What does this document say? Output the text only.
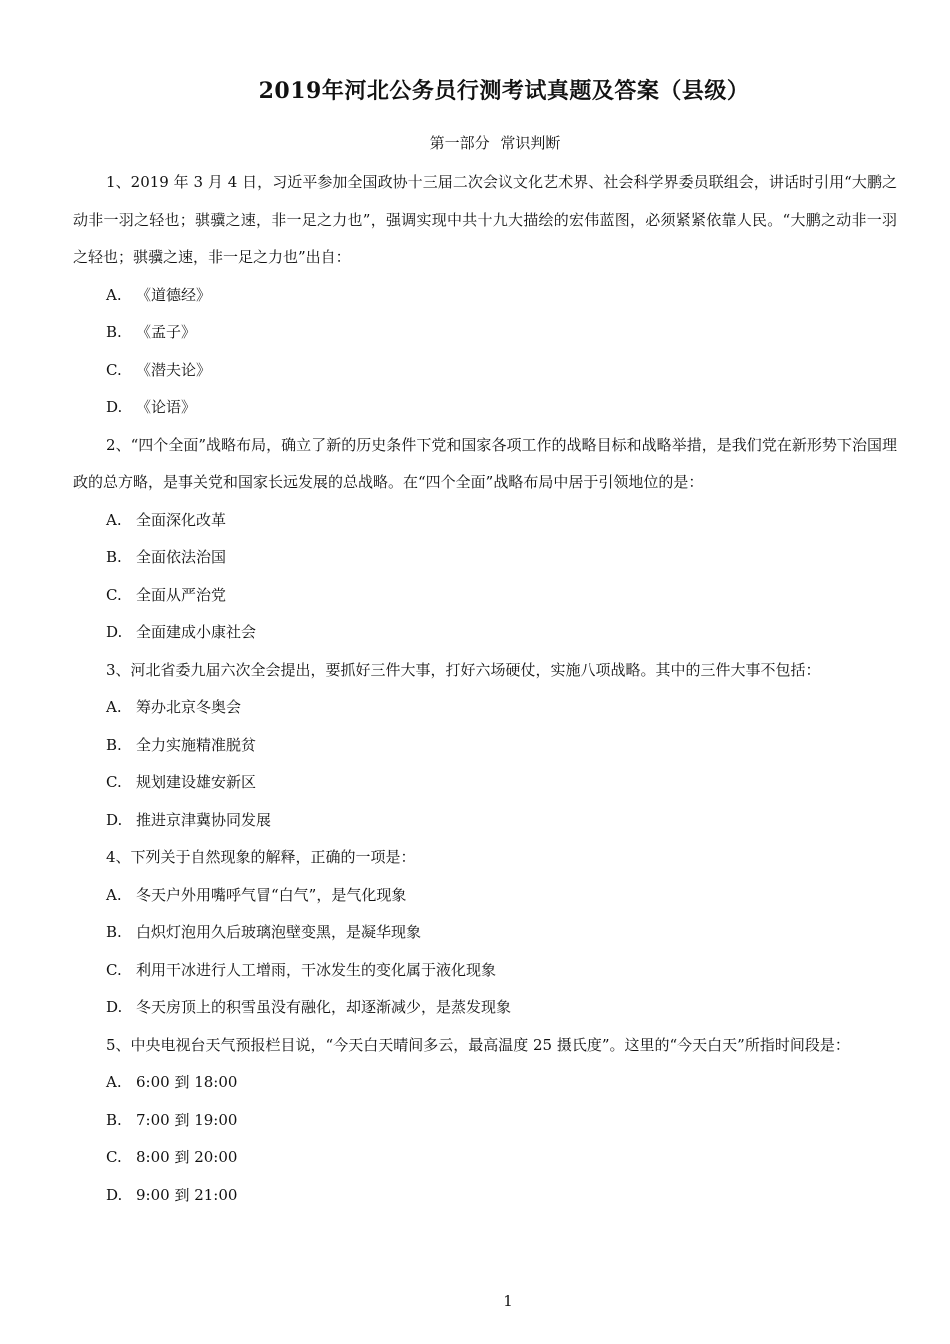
2019年河北公务员行测考试真题及答案（县级）
第一部分 常识判断

1、2019 年 3 月 4 日，习近平参加全国政协十三届二次会议文化艺术界、社会科学界委员联组会，讲话时引用“大鹏之动非一羽之轻也；骐骥之速，非一足之力也”，强调实现中共十九大描绘的宏伟蓝图，必须紧紧依靠人民。“大鹏之动非一羽之轻也；骐骥之速，非一足之力也”出自：

A. 《道德经》

B. 《孟子》

C. 《潜夫论》

D. 《论语》

2、“四个全面”战略布局，确立了新的历史条件下党和国家各项工作的战略目标和战略举措，是我们党在新形势下治国理政的总方略，是事关党和国家长远发展的总战略。在“四个全面”战略布局中居于引领地位的是：

A. 全面深化改革

B. 全面依法治国

C. 全面从严治党

D. 全面建成小康社会

3、河北省委九届六次全会提出，要抓好三件大事，打好六场硬仗，实施八项战略。其中的三件大事不包括：

A. 筹办北京冬奥会

B. 全力实施精准脱贫

C. 规划建设雄安新区

D. 推进京津冀协同发展

4、下列关于自然现象的解释，正确的一项是：

A. 冬天户外用嘴呼气冒“白气”，是气化现象

B. 白炽灯泡用久后玻璃泡壁变黑，是凝华现象

C. 利用干冰进行人工增雨，干冰发生的变化属于液化现象

D. 冬天房顶上的积雪虽没有融化，却逐渐减少，是蒸发现象

5、中央电视台天气预报栏目说，“今天白天晴间多云，最高温度 25 摄氏度”。这里的“今天白天”所指时间段是：

A. 6:00 到 18:00

B. 7:00 到 19:00

C. 8:00 到 20:00

D. 9:00 到 21:00

1
